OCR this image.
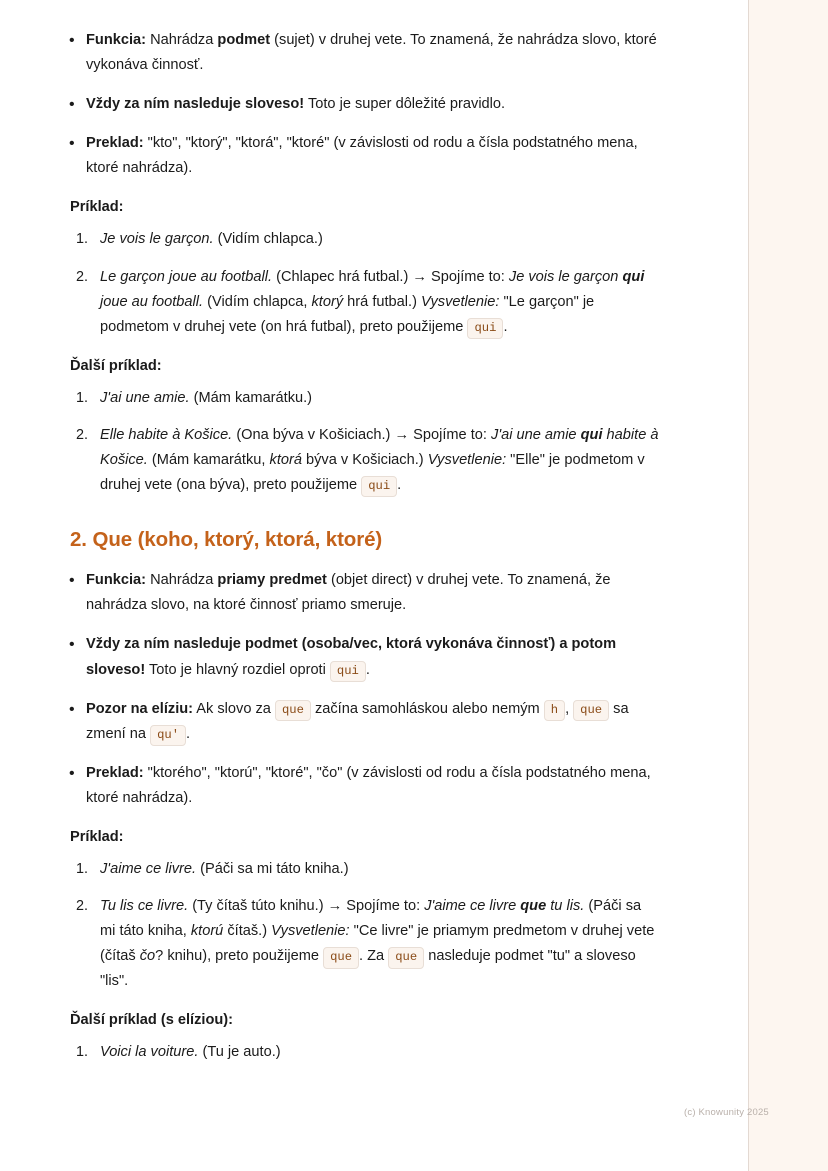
(c) Knowunity 2025
• Funkcia: Nahrádza podmet (sujet) v druhej vete. To znamená, že nahrádza slovo, ktoré vykonáva činnosť.
• Vždy za ním nasleduje sloveso! Toto je super dôležité pravidlo.
• Preklad: "kto", "ktorý", "ktorá", "ktoré" (v závislosti od rodu a čísla podstatného mena, ktoré nahrádza).
Príklad:
Je vois le garçon. (Vidím chlapca.)
Le garçon joue au football. (Chlapec hrá futbal.) → Spojíme to: Je vois le garçon qui joue au football. (Vidím chlapca, ktorý hrá futbal.) Vysvetlenie: "Le garçon" je podmetom v druhej vete (on hrá futbal), preto použijeme qui .
Ďalší príklad:
J'ai une amie. (Mám kamarátku.)
Elle habite à Košice. (Ona býva v Košiciach.) → Spojíme to: J'ai une amie qui habite à Košice. (Mám kamarátku, ktorá býva v Košiciach.) Vysvetlenie: "Elle" je podmetom v druhej vete (ona býva), preto použijeme qui .
2. Que (koho, ktorý, ktorá, ktoré)
• Funkcia: Nahrádza priamy predmet (objet direct) v druhej vete. To znamená, že nahrádza slovo, na ktoré činnosť priamo smeruje.
• Vždy za ním nasleduje podmet (osoba/vec, ktorá vykonáva činnosť) a potom sloveso! Toto je hlavný rozdiel oproti qui .
• Pozor na elíziu: Ak slovo za que začína samohláskou alebo nemým h , que sa zmení na qu' .
• Preklad: "ktorého", "ktorú", "ktoré", "čo" (v závislosti od rodu a čísla podstatného mena, ktoré nahrádza).
Príklad:
J'aime ce livre. (Páči sa mi táto kniha.)
Tu lis ce livre. (Ty čítaš túto knihu.) → Spojíme to: J'aime ce livre que tu lis. (Páči sa mi táto kniha, ktorú čítaš.) Vysvetlenie: "Ce livre" je priamym predmetom v druhej vete (čítaš čo? knihu), preto použijeme que . Za que nasleduje podmet "tu" a sloveso "lis".
Ďalší príklad (s elíziou):
Voici la voiture. (Tu je auto.)
